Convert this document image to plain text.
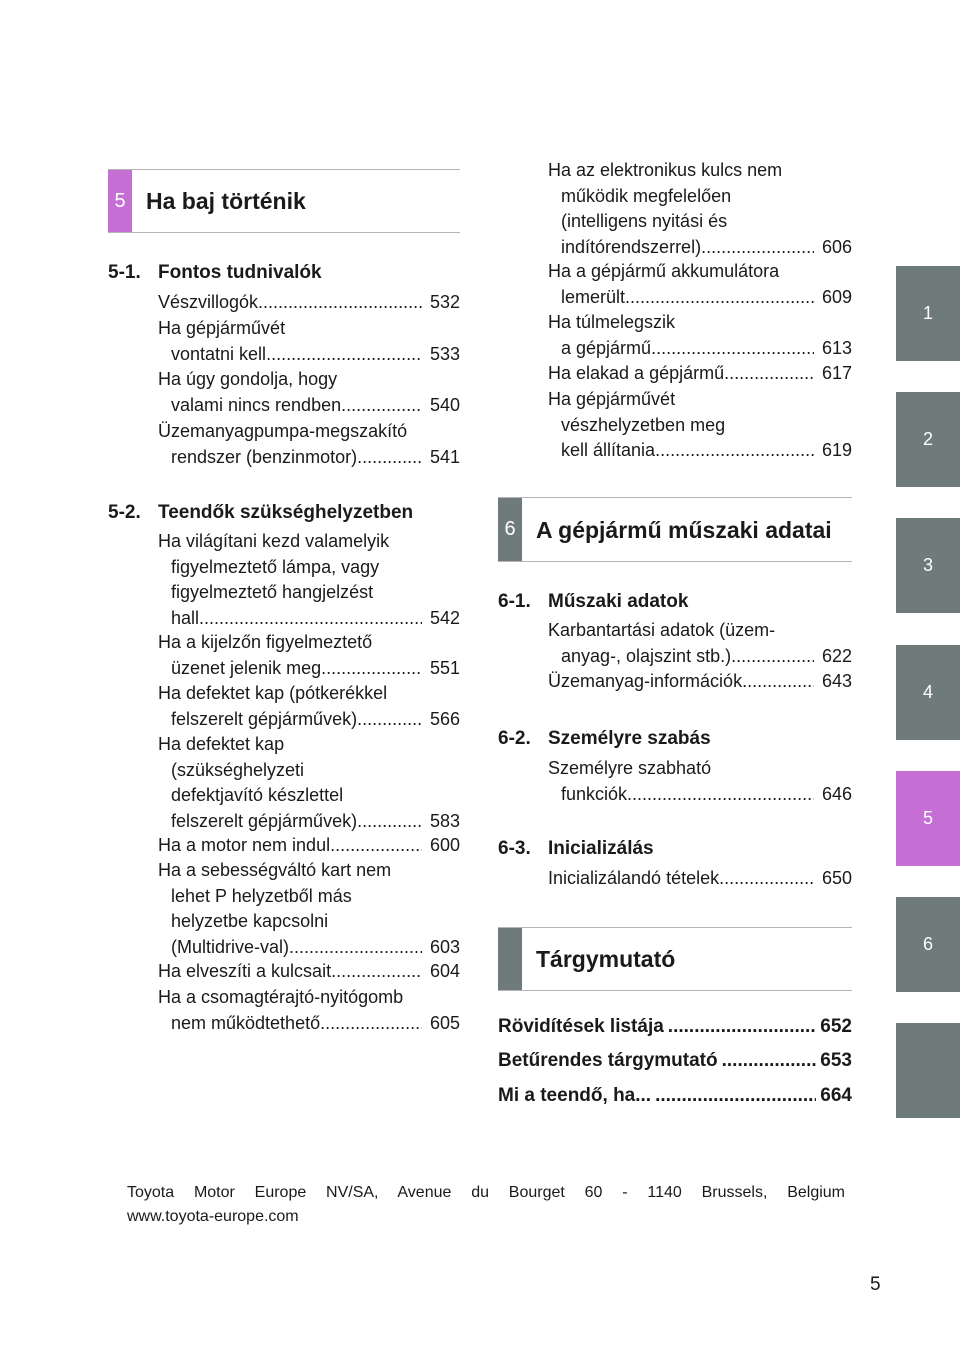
5 Ha baj történik
5-1. Fontos tudnivalók
Vészvillogók .....	532
Ha gépjárművét
vontatni kell .....	533
Ha úgy gondolja, hogy
valami nincs rendben .....	540
Üzemanyagpumpa-megszakító
rendszer (benzinmotor) .....	541
5-2. Teendők szükséghelyzetben
Ha világítani kezd valamelyik
figyelmeztető lámpa, vagy
figyelmeztető hangjelzést
hall... .....	542
Ha a kijelzőn figyelmeztető
üzenet jelenik meg .....	551
Ha defektet kap (pótkerékkel
felszerelt gépjárművek) .....	566
Ha defektet kap
(szükséghelyzeti
defektjavító készlettel
felszerelt gépjárművek) .....	583
Ha a motor nem indul .....	600
Ha a sebességváltó kart nem
lehet P helyzetből más
helyzetbe kapcsolni
(Multidrive-val) .....	603
Ha elveszíti a kulcsait .....	604
Ha a csomagtérajtó-nyitógomb
nem működtethető .....	605
Ha az elektronikus kulcs nem
működik megfelelően
(intelligens nyitási és
indítórendszerrel) .....	606
Ha a gépjármű akkumulátora
lemerült .....	609
Ha túlmelegszik
a gépjármű .....	613
Ha elakad a gépjármű .....	617
Ha gépjárművét
vészhelyzetben meg
kell állítania .....	619
6 A gépjármű műszaki adatai
6-1. Műszaki adatok
Karbantartási adatok (üzem-
anyag-, olajszint stb.) .....	622
Üzemanyag-információk .....	643
6-2. Személyre szabás
Személyre szabható
funkciók .....	646
6-3. Inicializálás
Inicializálandó tételek .....	650
Tárgymutató
Rövidítések listája .....	652
Betűrendes tárgymutató .....	653
Mi a teendő, ha... .....	664
1
2
3
4
5
6
Toyota Motor Europe NV/SA, Avenue du Bourget 60 - 1140 Brussels, Belgium
www.toyota-europe.com
5
